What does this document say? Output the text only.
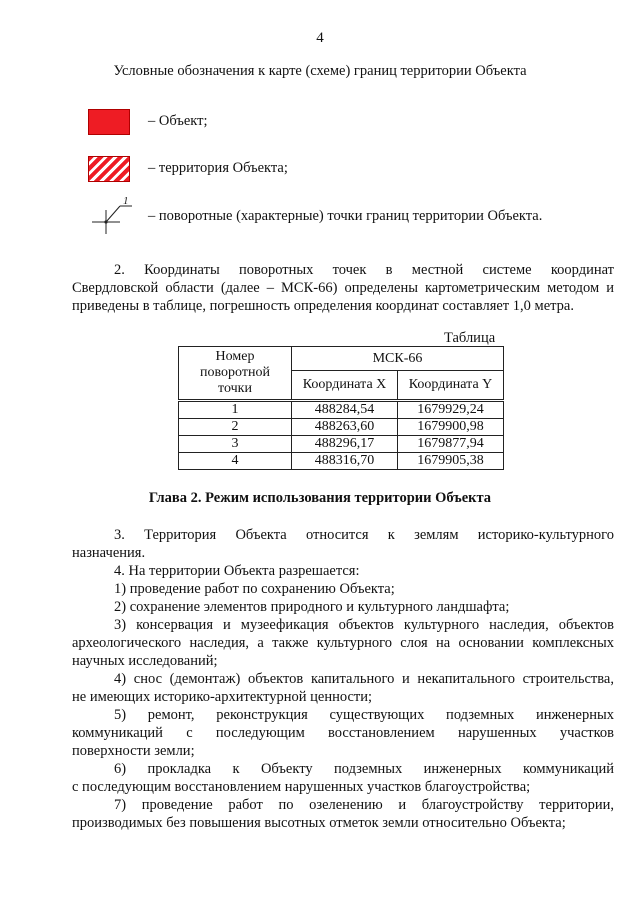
4
Условные обозначения к карте (схеме) границ территории Объекта
– Объект;
– территория Объекта;
1
– поворотные (характерные) точки границ территории Объекта.
2. Координаты поворотных точек в местной системе координат
Свердловской области (далее – МСК-66) определены картометрическим методом и приведены в таблице, погрешность определения координат составляет 1,0 метра.
Таблица
Номер поворотной точки	МСК-66	
	Координата X	Координата Y
1	488284,54	1679929,24
2	488263,60	1679900,98
3	488296,17	1679877,94
4	488316,70	1679905,38
Глава 2. Режим использования территории Объекта
3. Территория Объекта относится к землям историко-культурного
назначения.
4. На территории Объекта разрешается:
1) проведение работ по сохранению Объекта;
2) сохранение элементов природного и культурного ландшафта;
3) консервация и музеефикация объектов культурного наследия, объектов
археологического наследия, а также культурного слоя на основании комплексных
научных исследований;
4) снос (демонтаж) объектов капитального и некапитального строительства,
не имеющих историко-архитектурной ценности;
5) ремонт, реконструкция существующих подземных инженерных
коммуникаций с последующим восстановлением нарушенных участков
поверхности земли;
6) прокладка к Объекту подземных инженерных коммуникаций
с последующим восстановлением нарушенных участков благоустройства;
7) проведение работ по озеленению и благоустройству территории,
производимых без повышения высотных отметок земли относительно Объекта;
